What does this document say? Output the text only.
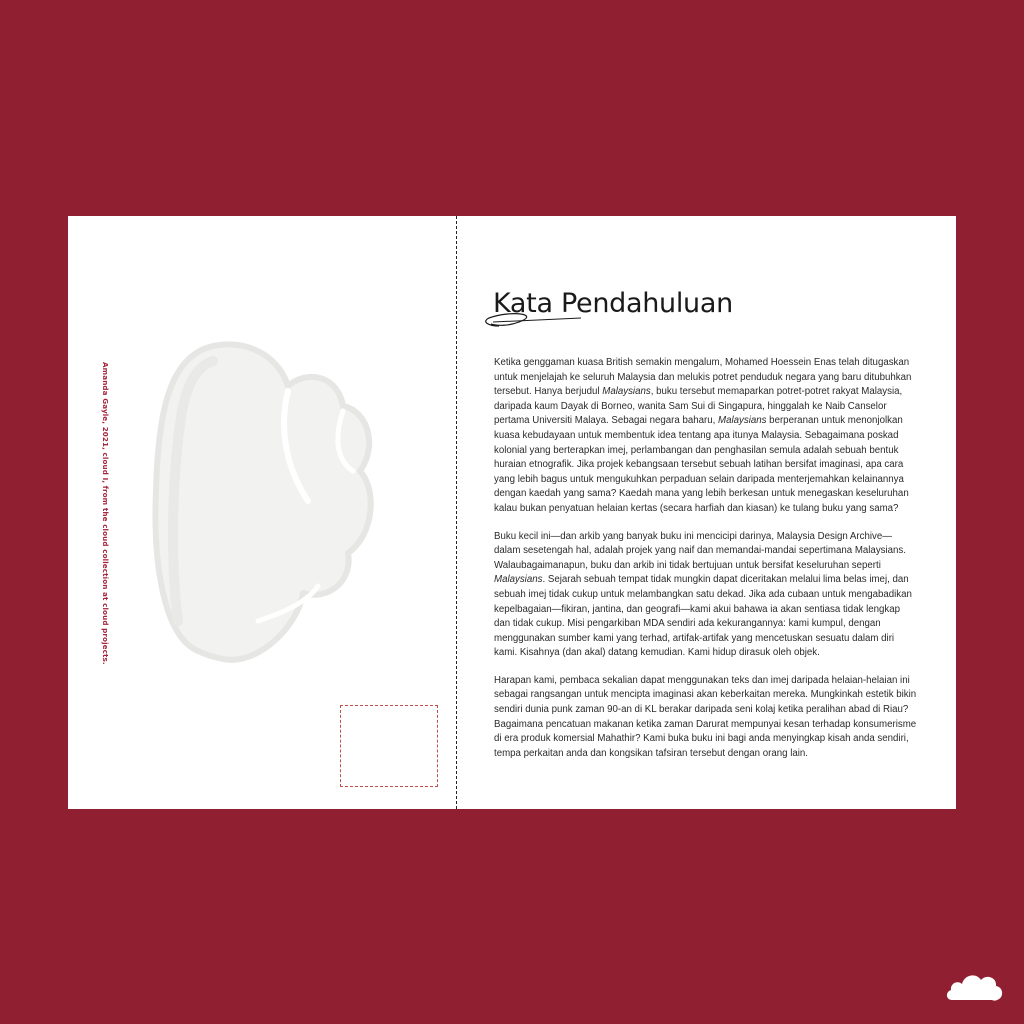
Amanda Gayle, 2021, cloud I, from the cloud collection at cloud projects.
Kata Pendahuluan

Ketika genggaman kuasa British semakin mengalum, Mohamed Hoessein Enas telah ditugaskan untuk menjelajah ke seluruh Malaysia dan melukis potret penduduk negara yang baru ditubuhkan tersebut. Hanya berjudul Malaysians, buku tersebut memaparkan potret-potret rakyat Malaysia, daripada kaum Dayak di Borneo, wanita Sam Sui di Singapura, hinggalah ke Naib Canselor pertama Universiti Malaya. Sebagai negara baharu, Malaysians berperanan untuk menonjolkan kuasa kebudayaan untuk membentuk idea tentang apa itunya Malaysia. Sebagaimana poskad kolonial yang berterapkan imej, perlambangan dan penghasilan semula adalah sebuah bentuk huraian etnografik. Jika projek kebangsaan tersebut sebuah latihan bersifat imaginasi, apa cara yang lebih bagus untuk mengukuhkan perpaduan selain daripada menterjemahkan kelainannya dengan kaedah yang sama? Kaedah mana yang lebih berkesan untuk menegaskan keseluruhan kalau bukan penyatuan helaian kertas (secara harfiah dan kiasan) ke tulang buku yang sama?

Buku kecil ini—dan arkib yang banyak buku ini mencicipi darinya, Malaysia Design Archive—dalam sesetengah hal, adalah projek yang naif dan memandai-mandai sepertimana Malaysians. Walaubagaimanapun, buku dan arkib ini tidak bertujuan untuk bersifat keseluruhan seperti Malaysians. Sejarah sebuah tempat tidak mungkin dapat diceritakan melalui lima belas imej, dan sebuah imej tidak cukup untuk melambangkan satu dekad. Jika ada cubaan untuk mengabadikan kepelbagaian—fikiran, jantina, dan geografi—kami akui bahawa ia akan sentiasa tidak lengkap dan tidak cukup. Misi pengarkiban MDA sendiri ada kekurangannya: kami kumpul, dengan menggunakan sumber kami yang terhad, artifak-artifak yang mencetuskan sesuatu dalam diri kami. Kisahnya (dan akal) datang kemudian. Kami hidup dirasuk oleh objek.

Harapan kami, pembaca sekalian dapat menggunakan teks dan imej daripada helaian-helaian ini sebagai rangsangan untuk mencipta imaginasi akan keberkaitan mereka. Mungkinkah estetik bikin sendiri dunia punk zaman 90-an di KL berakar daripada seni kolaj ketika peralihan abad di Riau? Bagaimana pencatuan makanan ketika zaman Darurat mempunyai kesan terhadap konsumerisme di era produk komersial Mahathir? Kami buka buku ini bagi anda menyingkap kisah anda sendiri, tempa perkaitan anda dan kongsikan tafsiran tersebut dengan orang lain.
